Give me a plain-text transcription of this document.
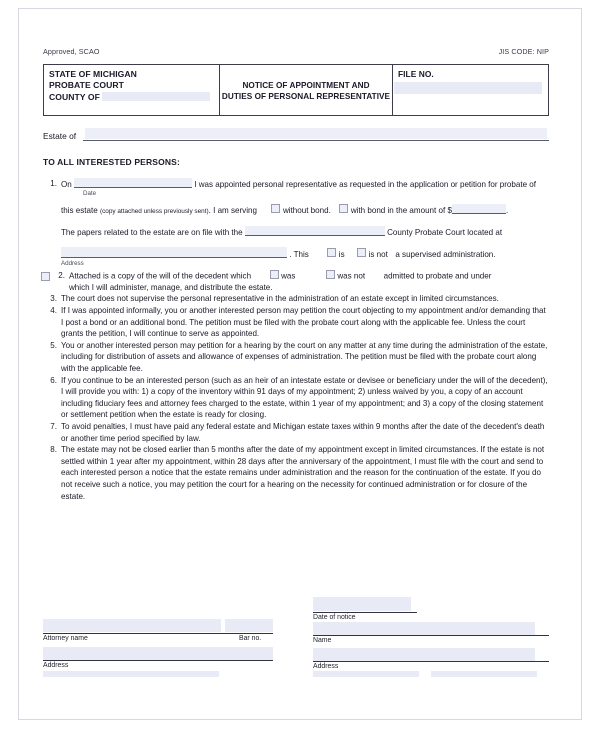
Approved, SCAO	JIS CODE: NIP
STATE OF MICHIGAN
PROBATE COURT
COUNTY OF

NOTICE OF APPOINTMENT AND
DUTIES OF PERSONAL REPRESENTATIVE

FILE NO.
Estate of
TO ALL INTERESTED PERSONS:
1. On	I was appointed personal representative as requested in the application or petition for probate of
Date
this estate (copy attached unless previously sent). I am serving	without bond. with bond in the amount of $	.
The papers related to the estate are on file with the	County Probate Court located at
. This	is	is not a supervised administration.
Address
2. Attached is a copy of the will of the decedent which	was	was not admitted to probate and under
which I will administer, manage, and distribute the estate.
3. The court does not supervise the personal representative in the administration of an estate except in limited circumstances.
4. If I was appointed informally, you or another interested person may petition the court objecting to my appointment and/or demanding that I post a bond or an additional bond. The petition must be filed with the probate court along with the applicable fee. Unless the court grants the petition, I will continue to serve as appointed.
5. You or another interested person may petition for a hearing by the court on any matter at any time during the administration of the estate, including for distribution of assets and allowance of expenses of administration. The petition must be filed with the probate court along with the applicable fee.
6. If you continue to be an interested person (such as an heir of an intestate estate or devisee or beneficiary under the will of the decedent), I will provide you with: 1) a copy of the inventory within 91 days of my appointment; 2) unless waived by you, a copy of an account including fiduciary fees and attorney fees charged to the estate, within 1 year of my appointment; and 3) a copy of the closing statement or settlement petition when the estate is ready for closing.
7. To avoid penalties, I must have paid any federal estate and Michigan estate taxes within 9 months after the date of the decedent's death or another time period specified by law.
8. The estate may not be closed earlier than 5 months after the date of my appointment except in limited circumstances. If the estate is not settled within 1 year after my appointment, within 28 days after the anniversary of the appointment, I must file with the court and send to each interested person a notice that the estate remains under administration and the reason for the continuation of the estate. If you do not receive such a notice, you may petition the court for a hearing on the necessity for continued administration or for closure of the estate.
Attorney name	Bar no.
Address
Date of notice
Name
Address
